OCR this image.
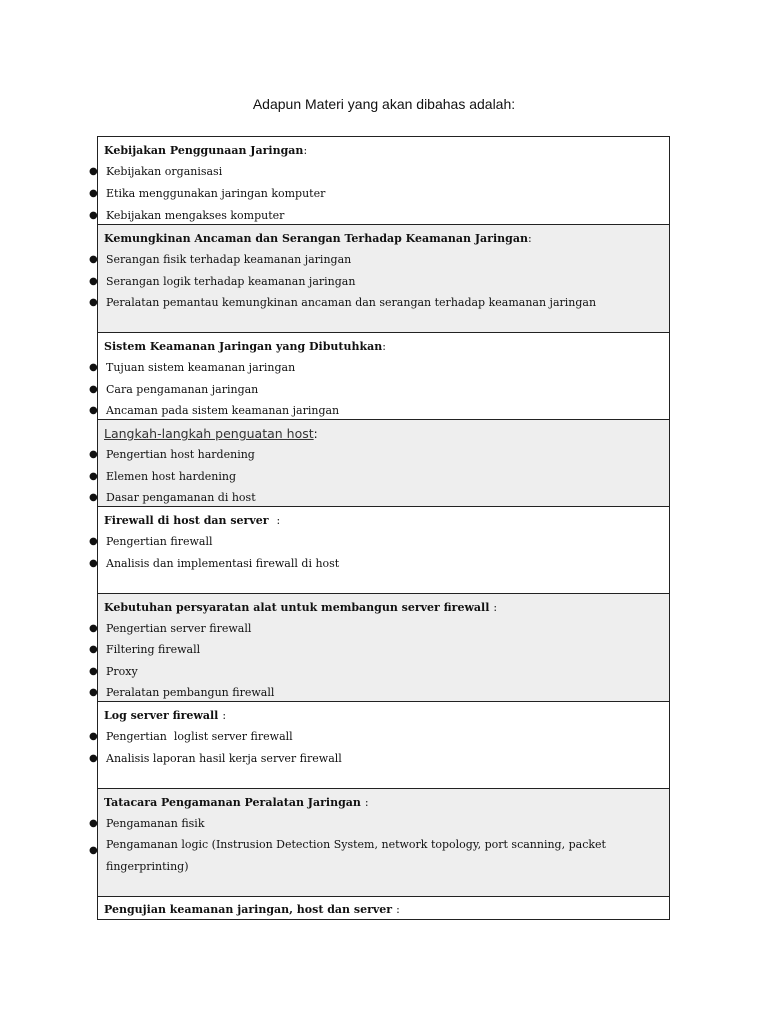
Adapun Materi yang akan dibahas adalah:
Kebijakan Penggunaan Jaringan:
● Kebijakan organisasi
● Etika menggunakan jaringan komputer
● Kebijakan mengakses komputer
Kemungkinan Ancaman dan Serangan Terhadap Keamanan Jaringan:
● Serangan fisik terhadap keamanan jaringan
● Serangan logik terhadap keamanan jaringan
● Peralatan pemantau kemungkinan ancaman dan serangan terhadap keamanan jaringan
Sistem Keamanan Jaringan yang Dibutuhkan:
● Tujuan sistem keamanan jaringan
● Cara pengamanan jaringan
● Ancaman pada sistem keamanan jaringan
Langkah-langkah penguatan host:
● Pengertian host hardening
● Elemen host hardening
● Dasar pengamanan di host
Firewall di host dan server :
● Pengertian firewall
● Analisis dan implementasi firewall di host
Kebutuhan persyaratan alat untuk membangun server firewall :
● Pengertian server firewall
● Filtering firewall
● Proxy
● Peralatan pembangun firewall
Log server firewall :
● Pengertian  loglist server firewall
● Analisis laporan hasil kerja server firewall
Tatacara Pengamanan Peralatan Jaringan :
● Pengamanan fisik
● Pengamanan logic (Instrusion Detection System, network topology, port scanning, packet fingerprinting)
Pengujian keamanan jaringan, host dan server :
